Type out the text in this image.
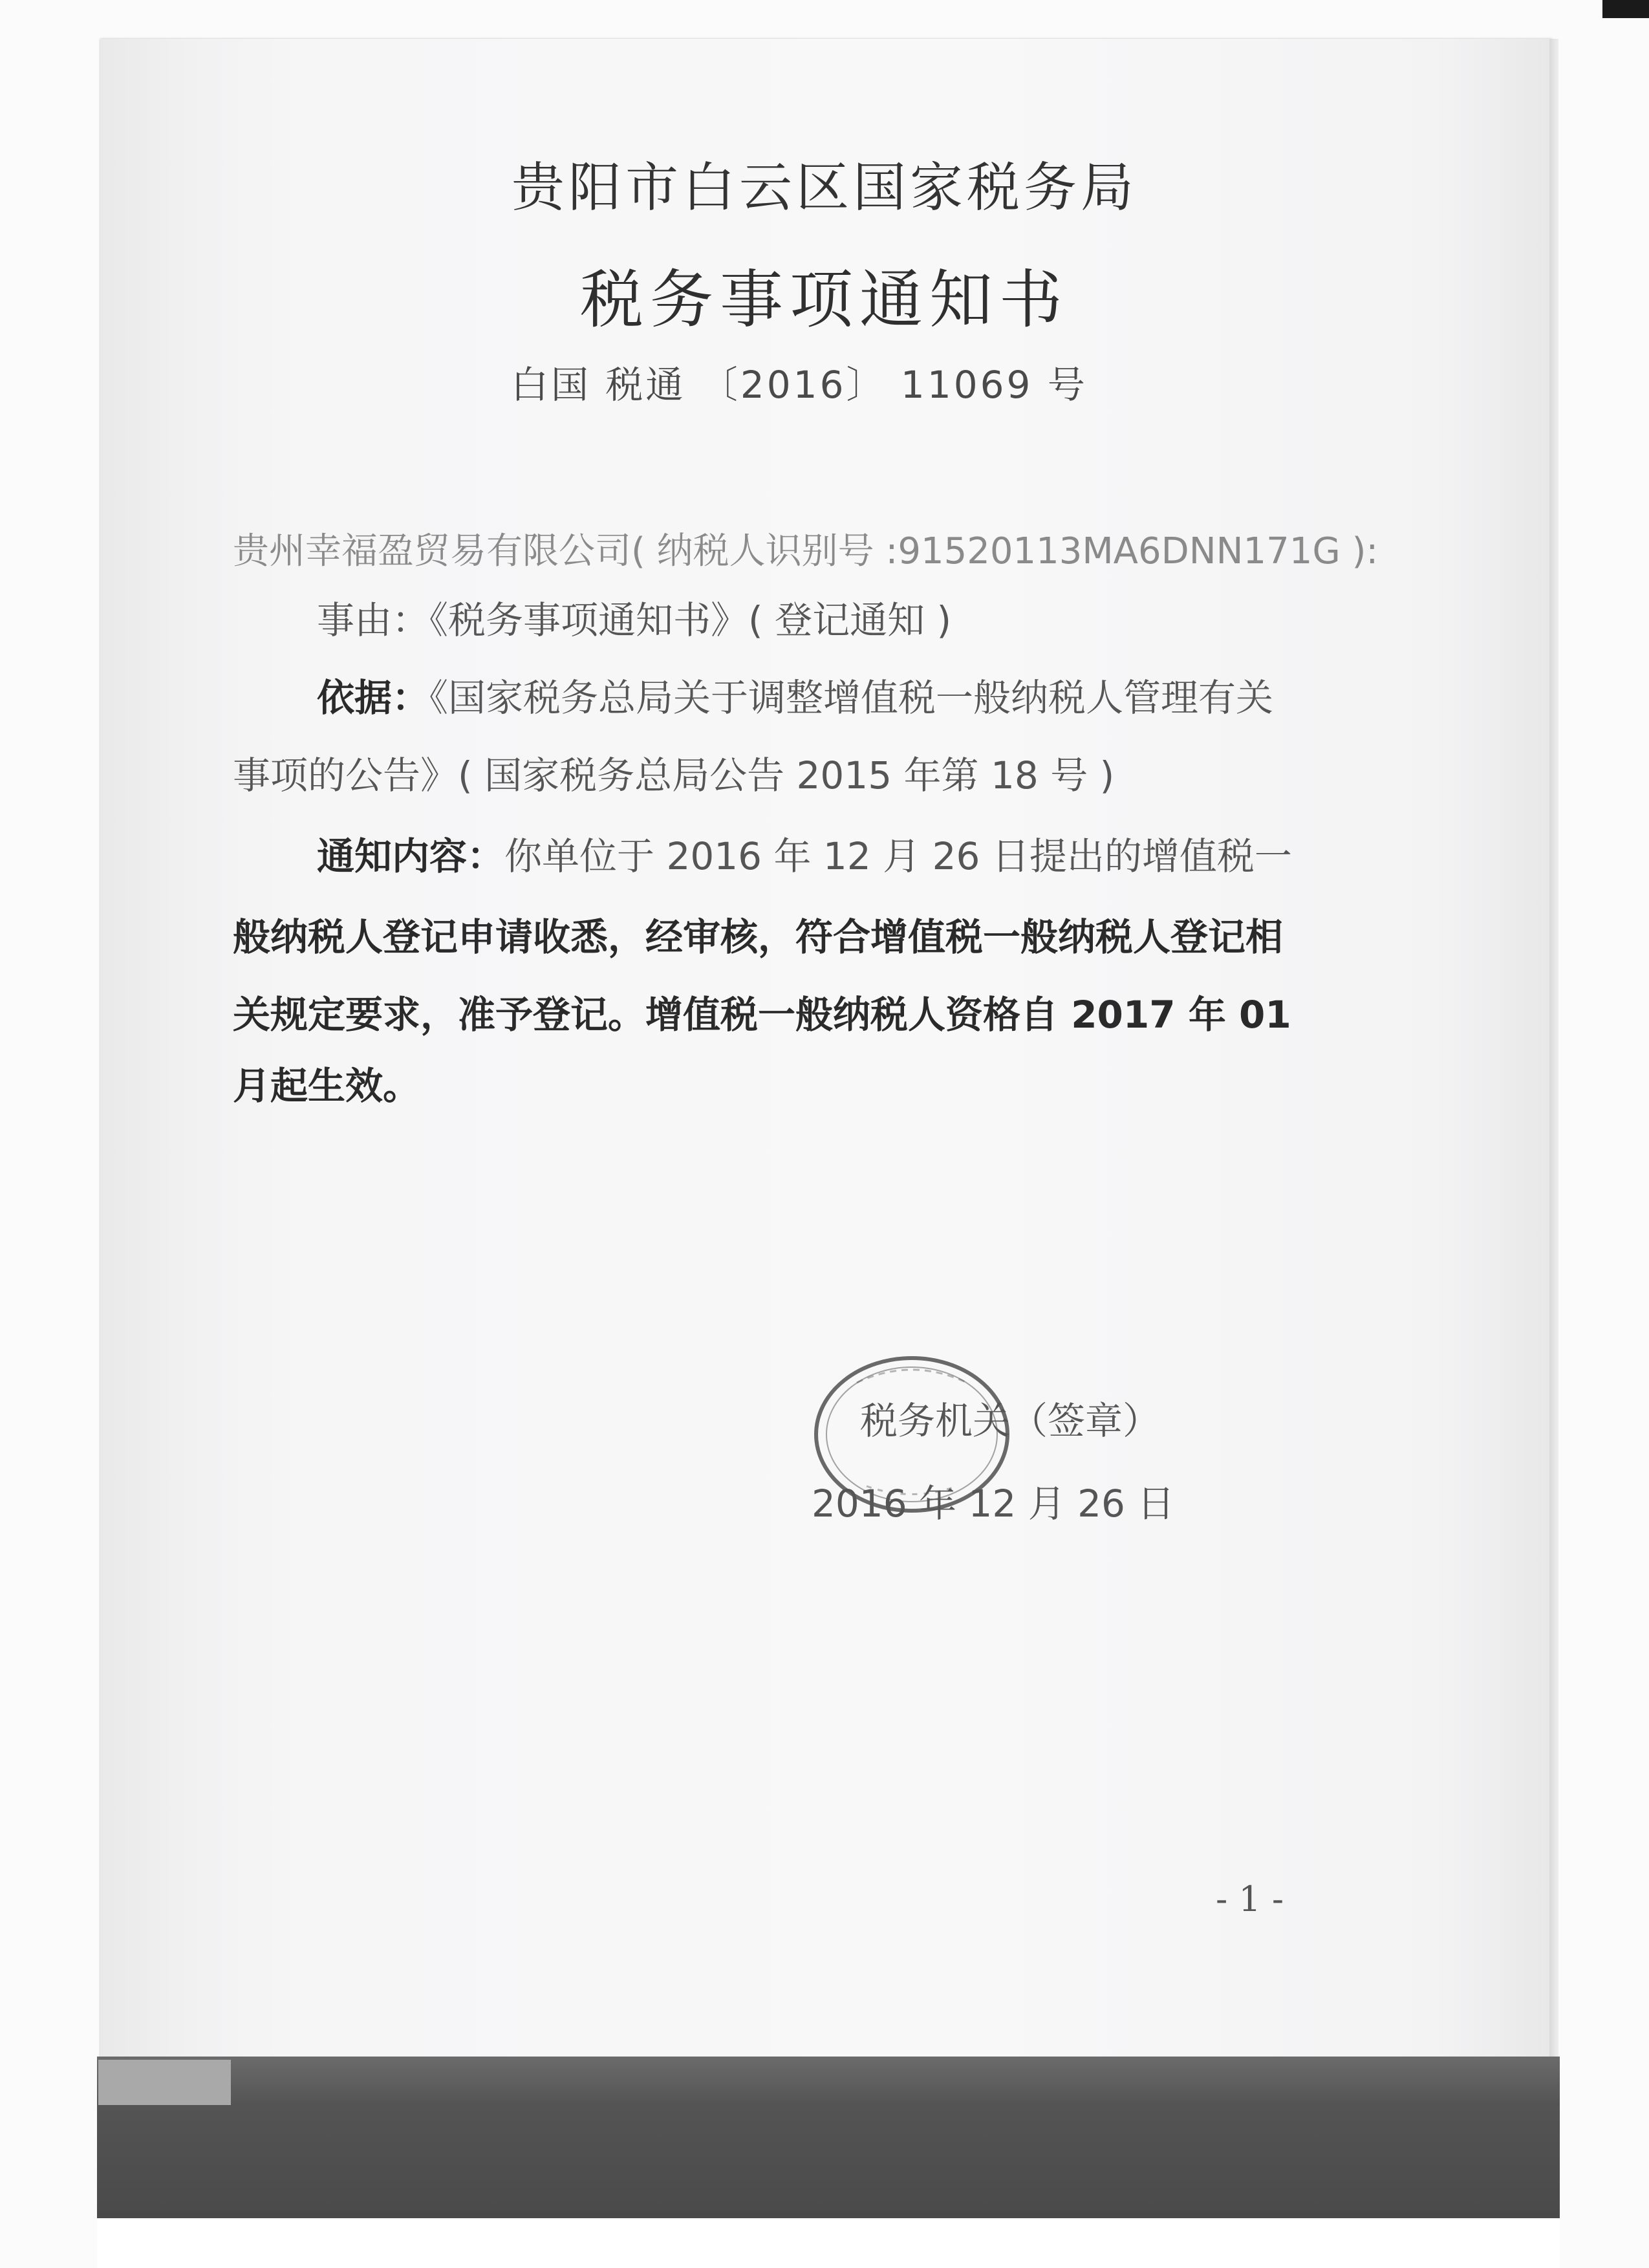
贵阳市白云区国家税务局
税务事项通知书
白国 税通 〔2016〕 11069 号
贵州幸福盈贸易有限公司( 纳税人识别号 :91520113MA6DNN171G ):
事由：《税务事项通知书》( 登记通知 )
依据：《国家税务总局关于调整增值税一般纳税人管理有关
事项的公告》( 国家税务总局公告 2015 年第 18 号 )
通知内容：你单位于 2016 年 12 月 26 日提出的增值税一
般纳税人登记申请收悉，经审核，符合增值税一般纳税人登记相
关规定要求，准予登记。增值税一般纳税人资格自 2017 年 01
月起生效。
税务机关（签章）
2016 年 12 月 26 日
- 1 -
